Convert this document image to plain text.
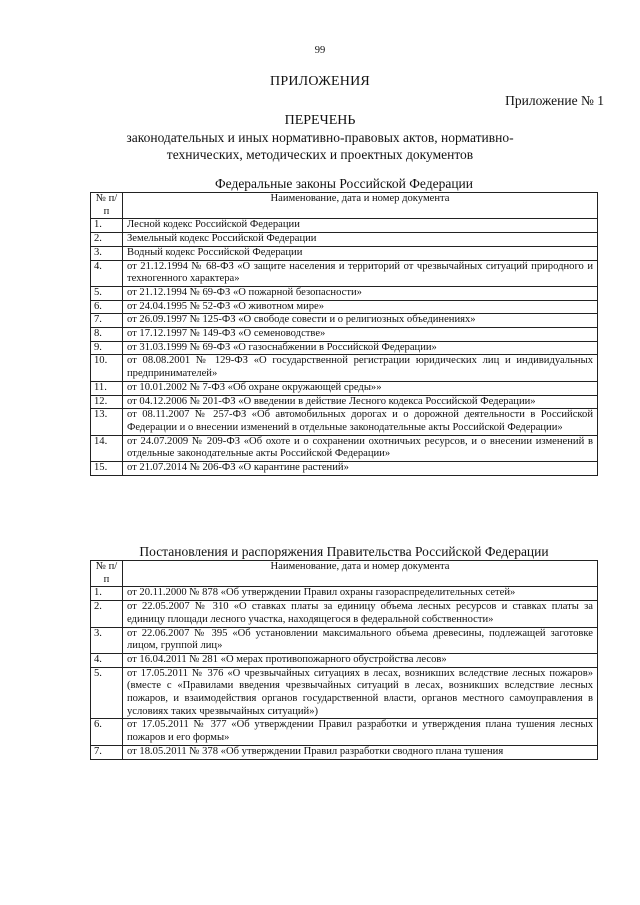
99
ПРИЛОЖЕНИЯ
Приложение № 1
ПЕРЕЧЕНЬ
законодательных и иных нормативно-правовых актов, нормативно-технических, методических и проектных документов

Федеральные законы Российской Федерации

№ п/п	Наименование, дата и номер документа
1.	Лесной кодекс Российской Федерации
2.	Земельный кодекс Российской Федерации
3.	Водный кодекс Российской Федерации
4.	от 21.12.1994 № 68-ФЗ «О защите населения и территорий от чрезвычайных ситуаций природного и техногенного характера»
5.	от 21.12.1994 № 69-ФЗ «О пожарной безопасности»
6.	от 24.04.1995 № 52-ФЗ «О животном мире»
7.	от 26.09.1997 № 125-ФЗ «О свободе совести и о религиозных объединениях»
8.	от 17.12.1997 № 149-ФЗ «О семеноводстве»
9.	от 31.03.1999 № 69-ФЗ «О газоснабжении в Российской Федерации»
10.	от 08.08.2001 № 129-ФЗ «О государственной регистрации юридических лиц и индивидуальных предпринимателей»
11.	от 10.01.2002 № 7-ФЗ «Об охране окружающей среды»»
12.	от 04.12.2006 № 201-ФЗ «О введении в действие Лесного кодекса Российской Федерации»
13.	от 08.11.2007 № 257-ФЗ «Об автомобильных дорогах и о дорожной деятельности в Российской Федерации и о внесении изменений в отдельные законодательные акты Российской Федерации»
14.	от 24.07.2009 № 209-ФЗ «Об охоте и о сохранении охотничьих ресурсов, и о внесении изменений в отдельные законодательные акты Российской Федерации»
15.	от 21.07.2014 № 206-ФЗ «О карантине растений»

Постановления и распоряжения Правительства Российской Федерации

№ п/п	Наименование, дата и номер документа
1.	от 20.11.2000 № 878 «Об утверждении Правил охраны газораспределительных сетей»
2.	от 22.05.2007 № 310 «О ставках платы за единицу объема лесных ресурсов и ставках платы за единицу площади лесного участка, находящегося в федеральной собственности»
3.	от 22.06.2007 № 395 «Об установлении максимального объема древесины, подлежащей заготовке лицом, группой лиц»
4.	от 16.04.2011 № 281 «О мерах противопожарного обустройства лесов»
5.	от 17.05.2011 № 376 «О чрезвычайных ситуациях в лесах, возникших вследствие лесных пожаров» (вместе с «Правилами введения чрезвычайных ситуаций в лесах, возникших вследствие лесных пожаров, и взаимодействия органов государственной власти, органов местного самоуправления в условиях таких чрезвычайных ситуаций»)
6.	от 17.05.2011 № 377 «Об утверждении Правил разработки и утверждения плана тушения лесных пожаров и его формы»
7.	от 18.05.2011 № 378 «Об утверждении Правил разработки сводного плана тушения
